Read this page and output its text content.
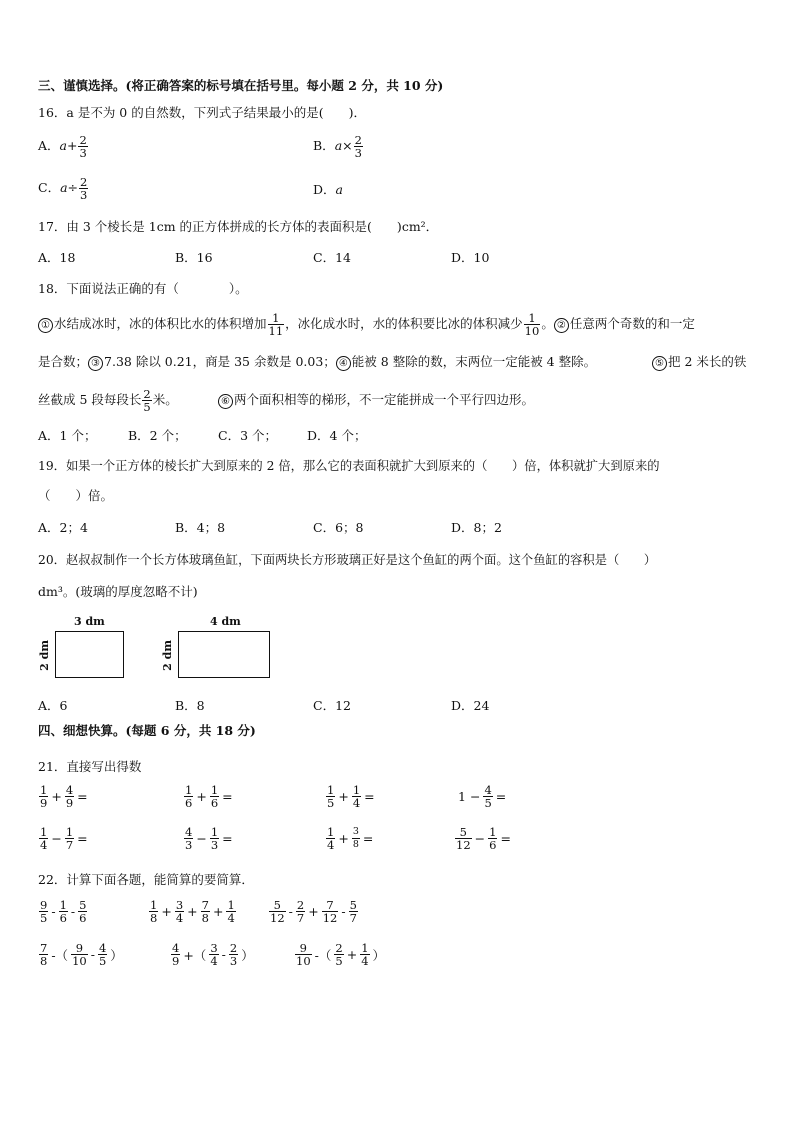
三、谨慎选择。(将正确答案的标号填在括号里。每小题 2 分，共 10 分)
16．a 是不为 0 的自然数，下列式子结果最小的是(　　)．
A．$a+ \frac{2}{3}$	B．$a\times \frac{2}{3}$
C．$a\div \frac{2}{3}$	D．a
17．由 3 个棱长是 1cm 的正方体拼成的长方体的表面积是(　　)cm²．
A．18	B．16	C．14	D．10
18．下面说法正确的有（　　　　）。
① 水结成冰时，冰的体积比水的体积增加 $\frac{1}{11}$ ，冰化成水时，水的体积要比冰的体积减少 $\frac{1}{10}$ 。 ② 任意两个奇数的和一定
是合数； ③ 7.38 除以 0.21，商是 35 余数是 0.03； ④ 能被 8 整除的数，末两位一定能被 4 整除。	⑤ 把 2 米长的铁
丝截成 5 段每段长 $\frac{2}{5}$ 米。	⑥ 两个面积相等的梯形，不一定能拼成一个平行四边形。
A．1 个；	B．2 个；	C．3 个； D．4 个；
19．如果一个正方体的棱长扩大到原来的 2 倍，那么它的表面积就扩大到原来的（　　）倍，体积就扩大到原来的
（　　）倍。
A．2；4	B．4；8	C．6；8	D．8；2
20．赵叔叔制作一个长方体玻璃鱼缸，下面两块长方形玻璃正好是这个鱼缸的两个面。这个鱼缸的容积是（　　）
dm³。(玻璃的厚度忽略不计)
3 dm
2 dm
4 dm
2 dm
A．6	B．8	C．12	D．24
四、细想快算。(每题 6 分，共 18 分)
21．直接写出得数
$\frac{1}{9} + \frac{4}{9}$ =	$\frac{1}{6} + \frac{1}{6}$ =	$\frac{1}{5} + \frac{1}{4}$ =	$1 - \frac{4}{5}$ =
$\frac{1}{4} - \frac{1}{7}$ =	$\frac{4}{3} - \frac{1}{3}$ =	$\frac{1}{4} + \frac{3}{8}$ =	$\frac{5}{12} - \frac{1}{6}$ =
22．计算下面各题，能简算的要简算．
$\frac{9}{5} - \frac{1}{6} - \frac{5}{6}$	$\frac{1}{8} + \frac{3}{4} + \frac{7}{8} + \frac{1}{4}$	$\frac{5}{12} - \frac{2}{7} + \frac{7}{12} - \frac{5}{7}$
$\frac{7}{8}$ -（ $\frac{9}{10} - \frac{4}{5}$ ）	$\frac{4}{9}$ +（ $\frac{3}{4} - \frac{2}{3}$ ）	$\frac{9}{10}$ -（ $\frac{2}{5} + \frac{1}{4}$ ）
